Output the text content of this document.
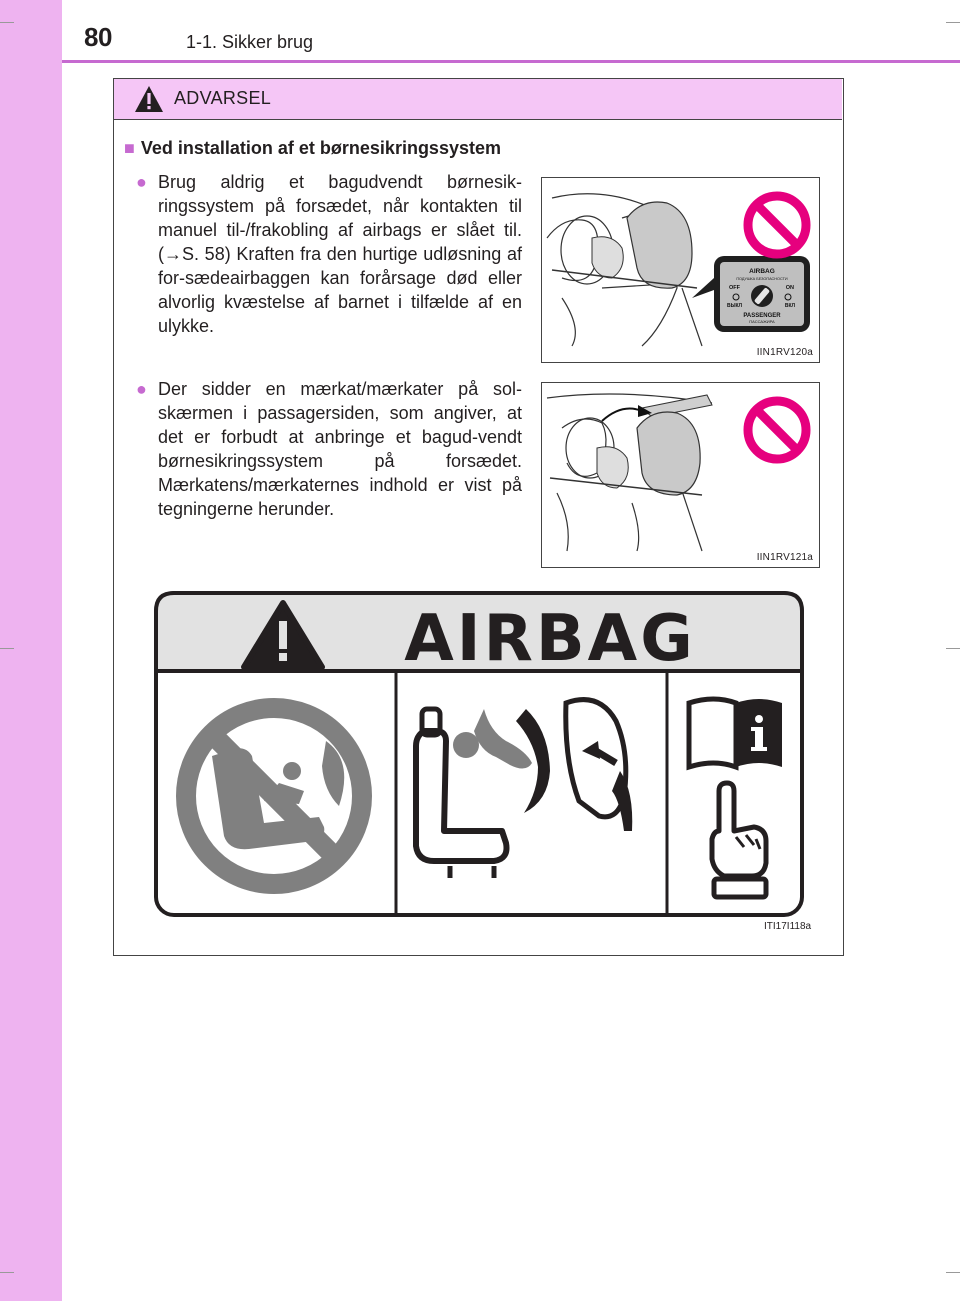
80	1-1. Sikker brug
ADVARSEL
■ Ved installation af et børnesikringssystem
● Brug aldrig et bagudvendt børnesik-ringssystem på forsædet, når kontakten til manuel til-/frakobling af airbags er slået til. (→S. 58) Kraften fra den hurtige udløsning af for-sædeairbaggen kan forårsage død eller alvorlig kvæstelse af barnet i tilfælde af en ulykke.

● Der sidder en mærkat/mærkater på sol-skærmen i passagersiden, som angiver, at det er forbudt at anbringe et bagud-vendt børnesikringssystem på forsædet. Mærkatens/mærkaternes indhold er vist på tegningerne herunder.

AIRBAG
ПОДУШКА БЕЗОПАСНОСТИ
OFF	ON
ВЫКЛ	ВКЛ
PASSENGER
ПАССАЖИРА
IIN1RV120a
IIN1RV121a
AIRBAG
ITI17I118a
